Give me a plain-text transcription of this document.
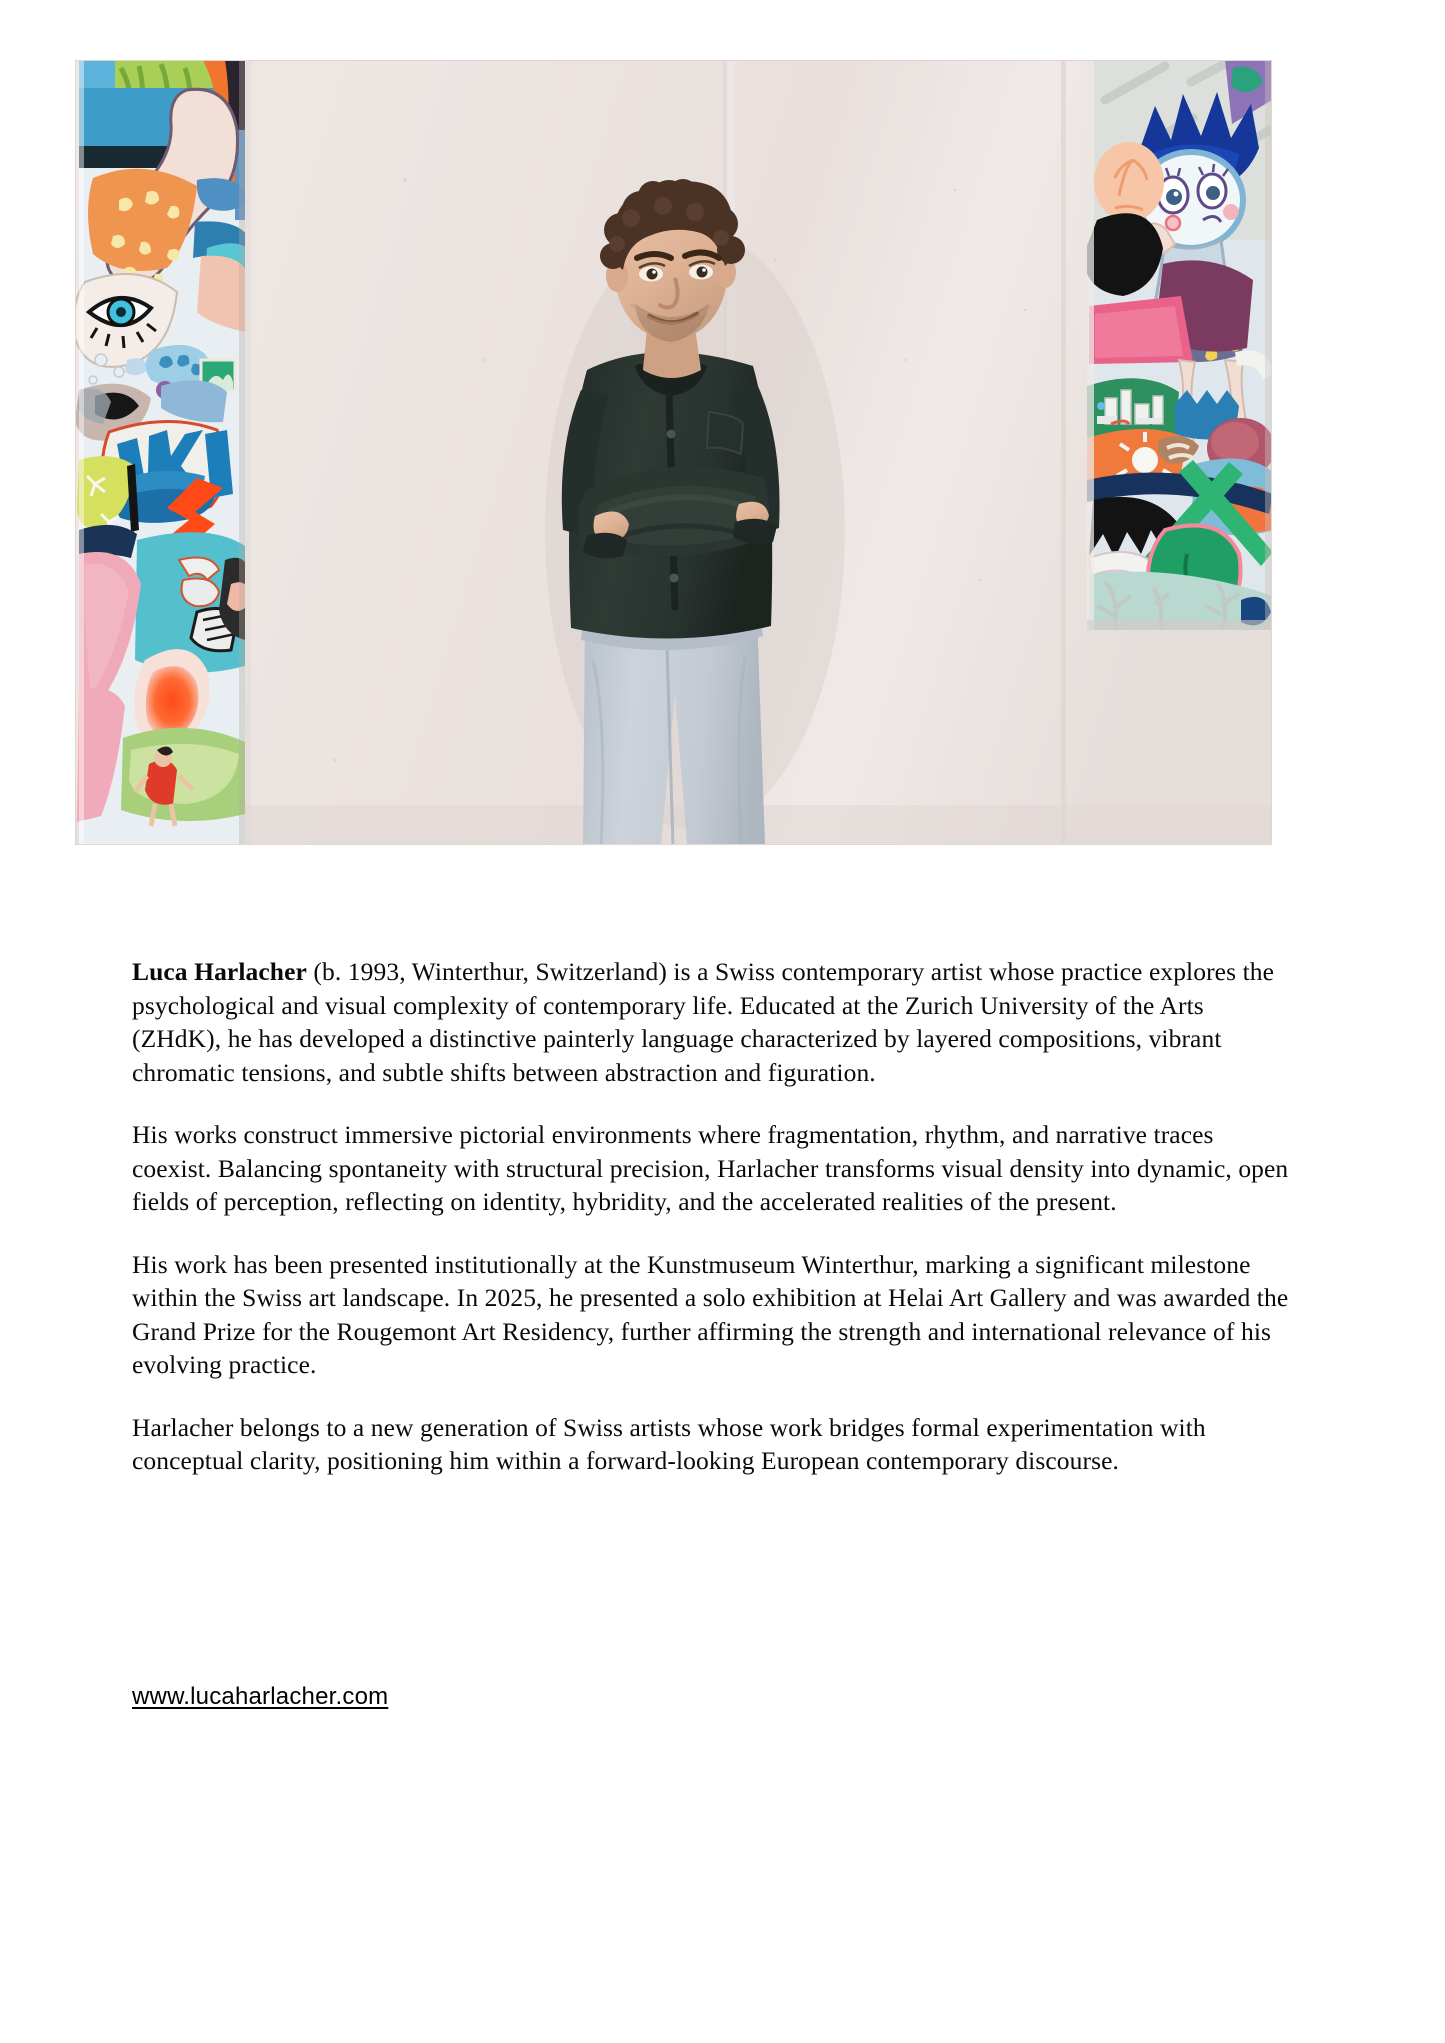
Luca Harlacher (b. 1993, Winterthur, Switzerland) is a Swiss contemporary artist whose practice explores the psychological and visual complexity of contemporary life. Educated at the Zurich University of the Arts (ZHdK), he has developed a distinctive painterly language characterized by layered compositions, vibrant chromatic tensions, and subtle shifts between abstraction and figuration.

His works construct immersive pictorial environments where fragmentation, rhythm, and narrative traces coexist. Balancing spontaneity with structural precision, Harlacher transforms visual density into dynamic, open fields of perception, reflecting on identity, hybridity, and the accelerated realities of the present.

His work has been presented institutionally at the Kunstmuseum Winterthur, marking a significant milestone within the Swiss art landscape. In 2025, he presented a solo exhibition at Helai Art Gallery and was awarded the Grand Prize for the Rougemont Art Residency, further affirming the strength and international relevance of his evolving practice.

Harlacher belongs to a new generation of Swiss artists whose work bridges formal experimentation with conceptual clarity, positioning him within a forward-looking European contemporary discourse.

www.lucaharlacher.com
